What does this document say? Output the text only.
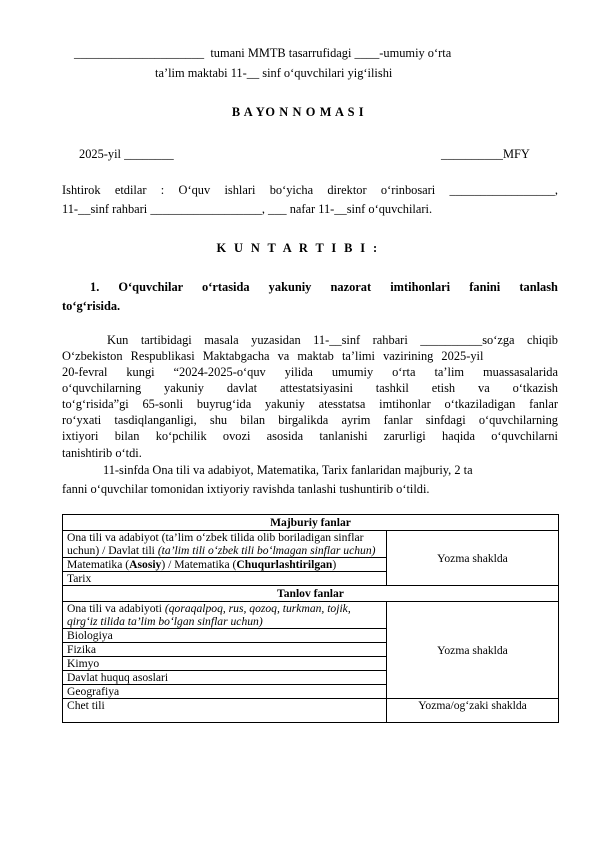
_____________________ tumani MMTB tasarrufidagi ____-umumiy o‘rta
ta’lim maktabi 11-__ sinf o‘quvchilari yig‘ilishi
B A YO N N O M A S I
2025-yil ________	__________MFY
Ishtirok etdilar : O‘quv ishlari bo‘yicha direktor o‘rinbosari _________________,
11-__sinf rahbari __________________, ___ nafar 11-__sinf o‘quvchilari.
K U N T A R T I B I :
1. O‘quvchilar o‘rtasida yakuniy nazorat imtihonlari fanini tanlash
to‘g‘risida.
Kun tartibidagi masala yuzasidan 11-__sinf rahbari __________so‘zga chiqib
O‘zbekiston Respublikasi Maktabgacha va maktab ta’limi vazirining 2025-yil
20-fevral kungi “2024-2025-o‘quv yilida umumiy o‘rta ta’lim muassasalarida
o‘quvchilarning yakuniy davlat attestatsiyasini tashkil etish va o‘tkazish
to‘g‘risida”gi 65-sonli buyrug‘ida yakuniy atesstatsa imtihonlar o‘tkaziladigan fanlar
ro‘yxati tasdiqlanganligi, shu bilan birgalikda ayrim fanlar sinfdagi o‘quvchilarning
ixtiyori bilan ko‘pchilik ovozi asosida tanlanishi zarurligi haqida o‘quvchilarni
tanishtirib o‘tdi.
11-sinfda Ona tili va adabiyot, Matematika, Tarix fanlaridan majburiy, 2 ta
fanni o‘quvchilar tomonidan ixtiyoriy ravishda tanlashi tushuntirib o‘tildi.
Majburiy fanlar	
Ona tili va adabiyot (ta’lim o‘zbek tilida olib boriladigan sinflar uchun) / Davlat tili (ta’lim tili o‘zbek tili bo‘lmagan sinflar uchun)	Yozma shaklda
Matematika (Asosiy) / Matematika (Chuqurlashtirilgan)	
Tarix	
Tanlov fanlar	
Ona tili va adabiyoti (qoraqalpoq, rus, qozoq, turkman, tojik, qirg‘iz tilida ta’lim bo‘lgan sinflar uchun)	Yozma shaklda
Biologiya	
Fizika	
Kimyo	
Davlat huquq asoslari	
Geografiya	
Chet tili	Yozma/og‘zaki shaklda
